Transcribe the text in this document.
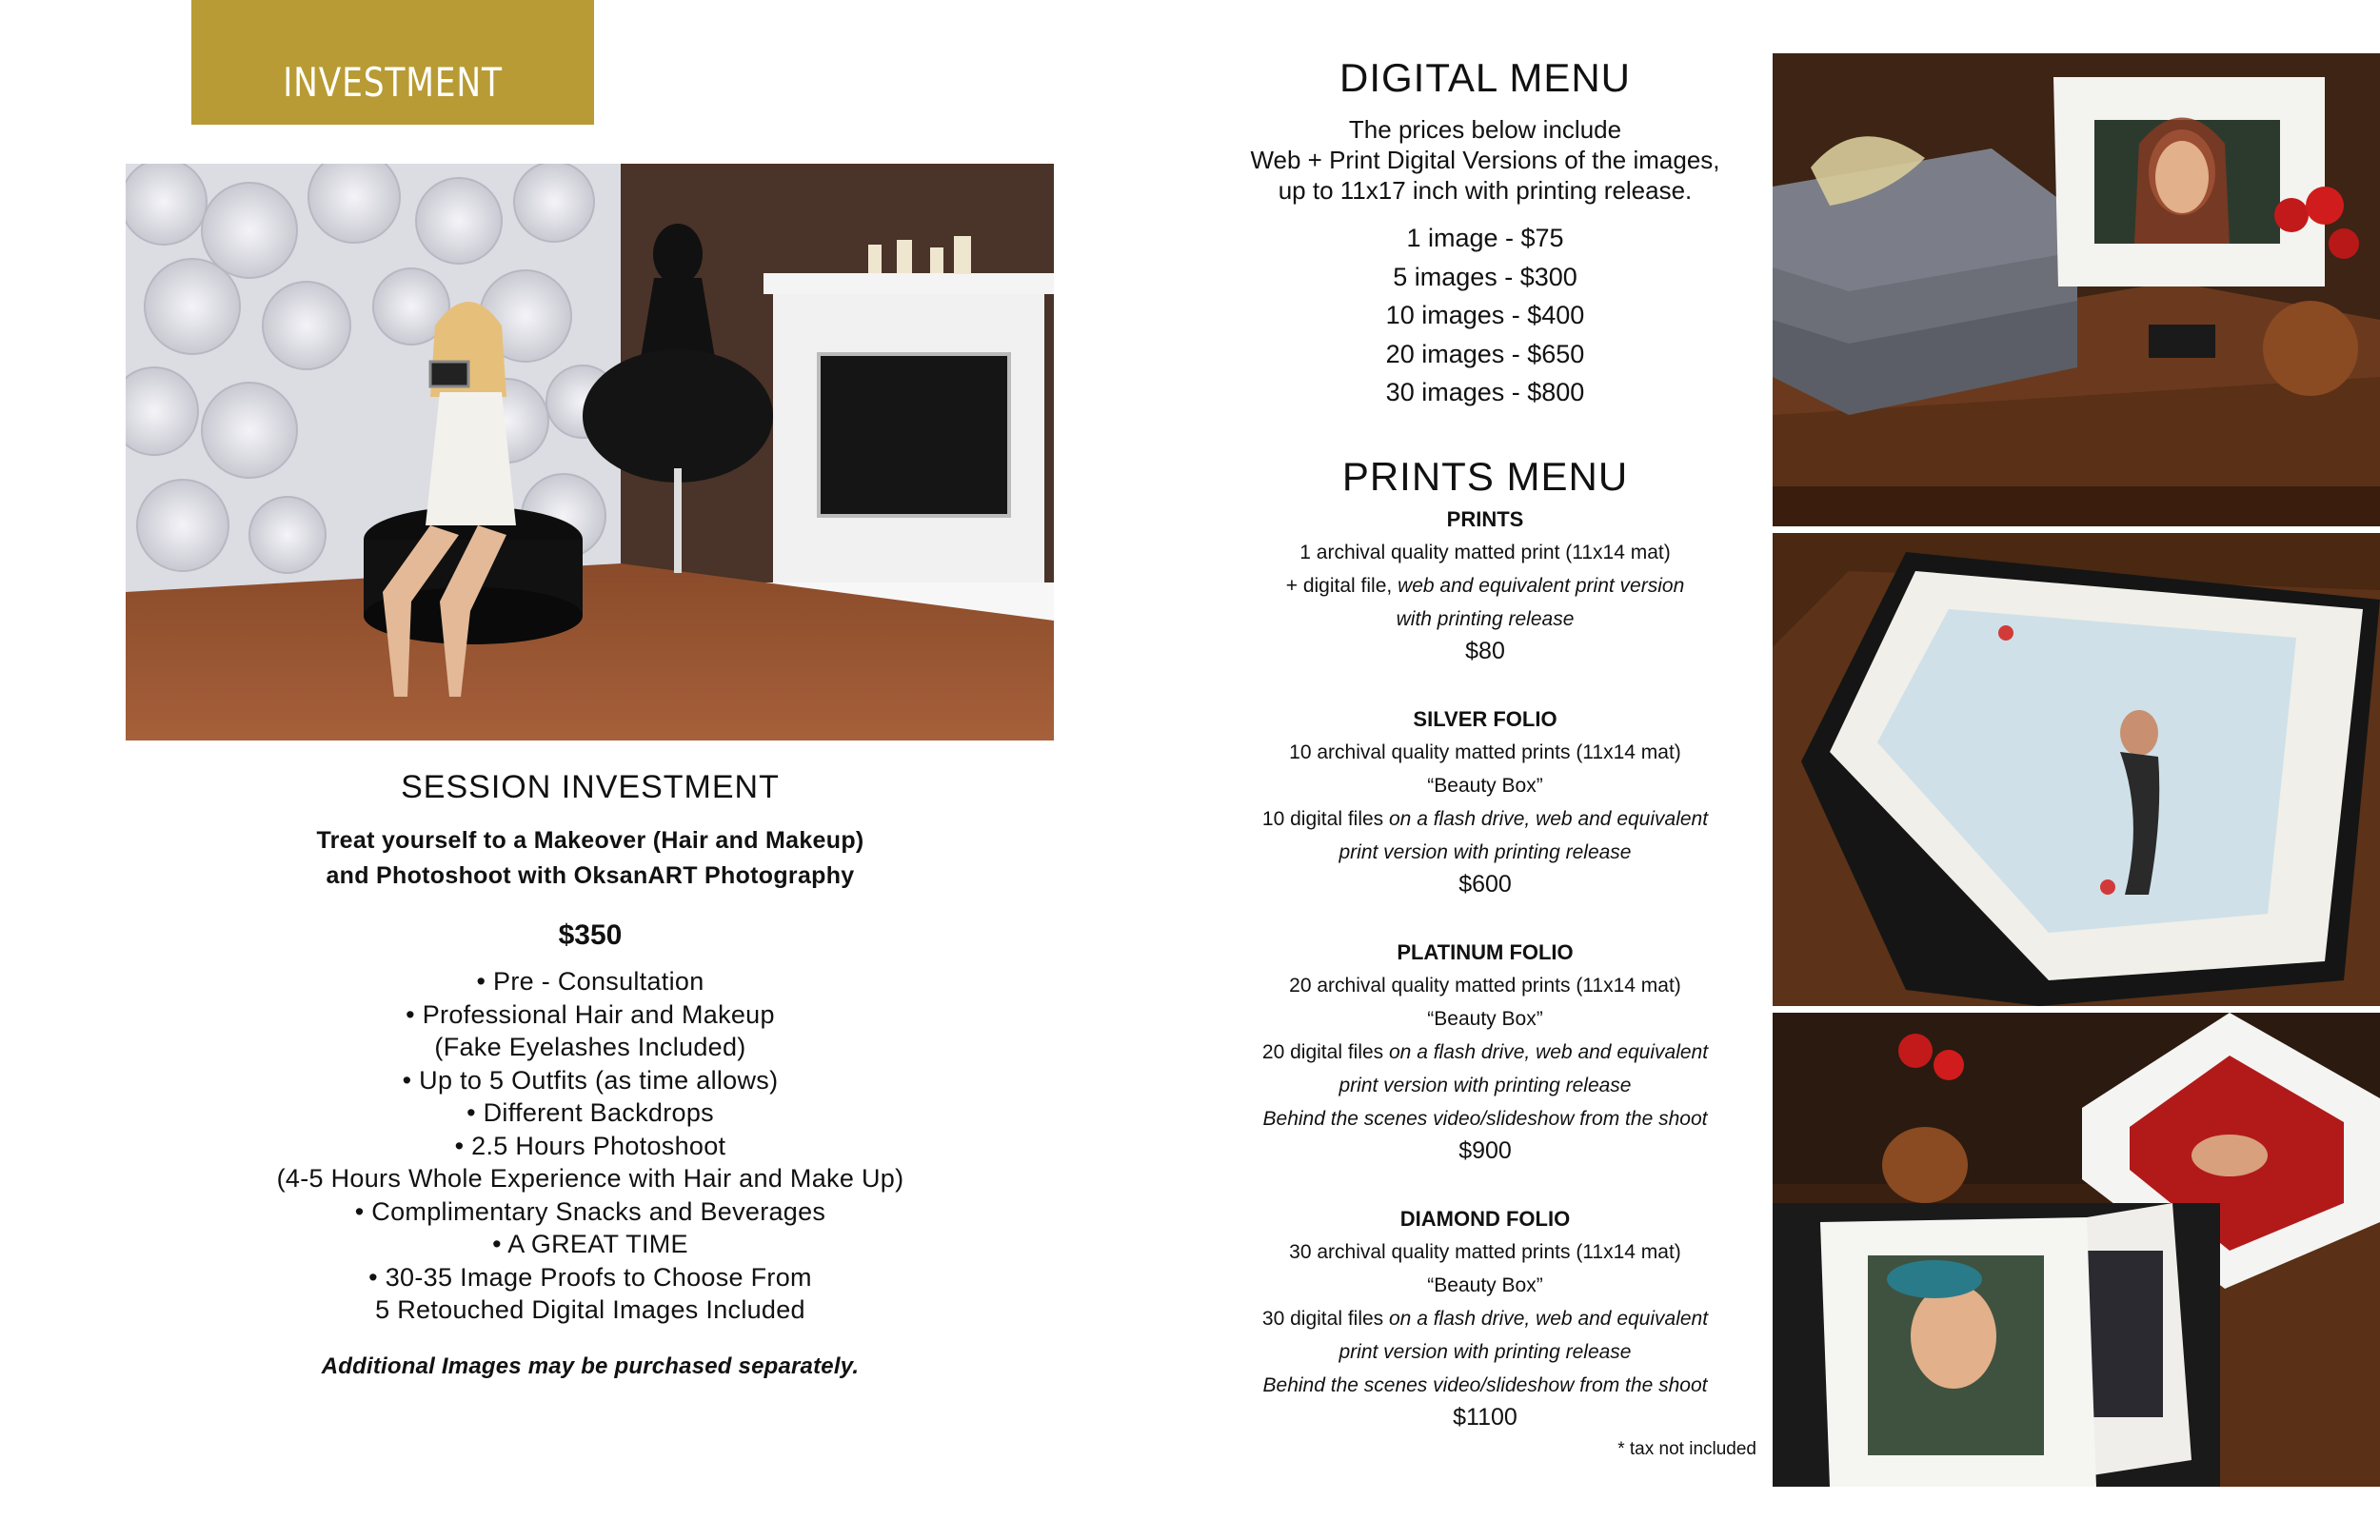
INVESTMENT
SESSION INVESTMENT
Treat yourself to a Makeover (Hair and Makeup)
and Photoshoot with OksanART Photography
$350
• Pre - Consultation
• Professional Hair and Makeup
(Fake Eyelashes Included)
• Up to 5 Outfits (as time allows)
• Different Backdrops
• 2.5 Hours Photoshoot
(4-5 Hours Whole Experience with Hair and Make Up)
• Complimentary Snacks and Beverages
• A GREAT TIME
• 30-35 Image Proofs to Choose From
5 Retouched Digital Images Included
Additional Images may be purchased separately.
DIGITAL MENU
The prices below include
Web + Print Digital Versions of the images,
up to 11x17 inch with printing release.
1 image - $75
5 images - $300
10 images - $400
20 images - $650
30 images - $800
PRINTS MENU
PRINTS
1 archival quality matted print (11x14 mat)
+ digital file, web and equivalent print version
with printing release
$80
SILVER FOLIO
10 archival quality matted prints (11x14 mat)
“Beauty Box”
10 digital files on a flash drive, web and equivalent
print version with printing release
$600
PLATINUM FOLIO
20 archival quality matted prints (11x14 mat)
“Beauty Box”
20 digital files on a flash drive, web and equivalent
print version with printing release
Behind the scenes video/slideshow from the shoot
$900
DIAMOND FOLIO
30 archival quality matted prints (11x14 mat)
“Beauty Box”
30 digital files on a flash drive, web and equivalent
print version with printing release
Behind the scenes video/slideshow from the shoot
$1100
* tax not included
